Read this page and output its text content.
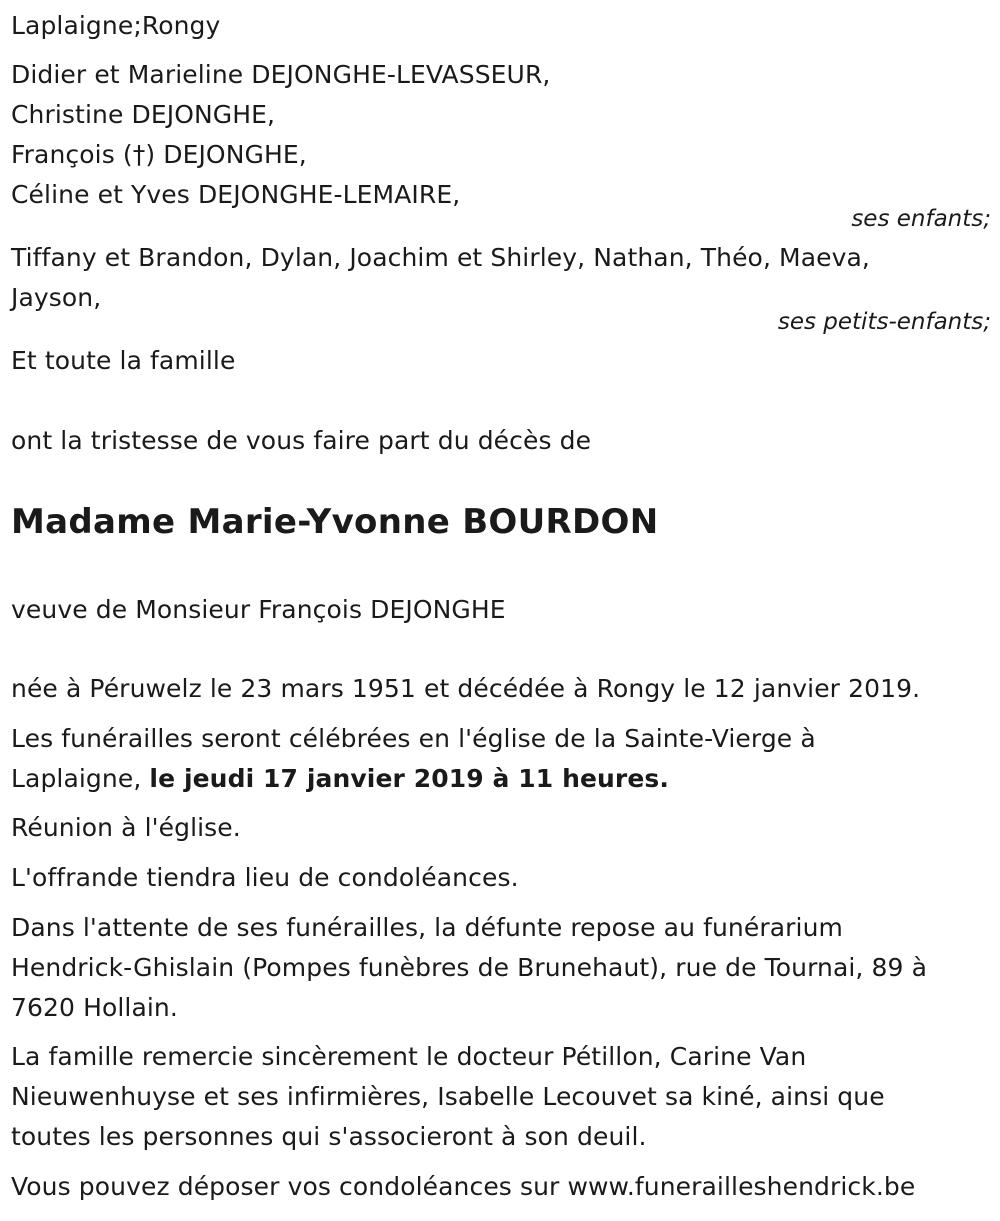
Laplaigne;Rongy
Didier et Marieline DEJONGHE-LEVASSEUR,
Christine DEJONGHE,
François (†) DEJONGHE,
Céline et Yves DEJONGHE-LEMAIRE,
ses enfants;
Tiffany et Brandon, Dylan, Joachim et Shirley, Nathan, Théo, Maeva,
Jayson,
ses petits-enfants;
Et toute la famille
ont la tristesse de vous faire part du décès de
Madame Marie-Yvonne BOURDON
veuve de Monsieur François DEJONGHE
née à Péruwelz le 23 mars 1951 et décédée à Rongy le 12 janvier 2019.
Les funérailles seront célébrées en l'église de la Sainte-Vierge à
Laplaigne, le jeudi 17 janvier 2019 à 11 heures.
Réunion à l'église.
L'offrande tiendra lieu de condoléances.
Dans l'attente de ses funérailles, la défunte repose au funérarium
Hendrick-Ghislain (Pompes funèbres de Brunehaut), rue de Tournai, 89 à
7620 Hollain.
La famille remercie sincèrement le docteur Pétillon, Carine Van
Nieuwenhuyse et ses infirmières, Isabelle Lecouvet sa kiné, ainsi que
toutes les personnes qui s'associeront à son deuil.
Vous pouvez déposer vos condoléances sur www.funerailleshendrick.be
